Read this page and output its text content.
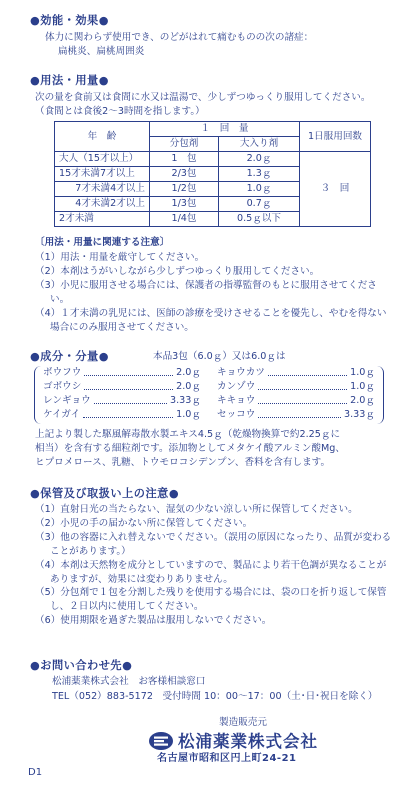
●効能・効果●
体力に関わらず使用でき、のどがはれて痛むものの次の諸症：
扁桃炎、扁桃周囲炎
●用法・用量●
次の量を食前又は食間に水又は温湯で、少しずつゆっくり服用してください。
（食間とは食後2〜3時間を指します。）
年　齢	１　回　量		1日服用回数
	分包剤	大入り剤	
大人（15才以上）	1　包	2.0ｇ	３　回
15才未満7才以上	2/3包	1.3ｇ	
7才未満4才以上	1/2包	1.0ｇ	
4才未満2才以上	1/3包	0.7ｇ	
2才未満	1/4包	0.5ｇ以下	
〔用法・用量に関連する注意〕
（1）用法・用量を厳守してください。
（2）本剤はうがいしながら少しずつゆっくり服用してください。
（3）小児に服用させる場合には、保護者の指導監督のもとに服用させてください。
（4）１才未満の乳児には、医師の診療を受けさせることを優先し、やむを得ない場合にのみ服用させてください。
●成分・分量●	本品3包（6.0ｇ）又は6.0ｇは
ボウフウ	2.0ｇ
ゴボウシ	2.0ｇ
レンギョウ	3.33ｇ
ケイガイ	1.0ｇ
キョウカツ	1.0ｇ
カンゾウ	1.0ｇ
キキョウ	2.0ｇ
セッコウ	3.33ｇ
上記より製した駆風解毒散水製エキス4.5ｇ（乾燥物換算で約2.25ｇに
相当）を含有する細粒剤です。添加物としてメタケイ酸アルミン酸Mg、
ヒプロメロース、乳糖、トウモロコシデンプン、香料を含有します。
●保管及び取扱い上の注意●
（1）直射日光の当たらない、湿気の少ない涼しい所に保管してください。
（2）小児の手の届かない所に保管してください。
（3）他の容器に入れ替えないでください。（誤用の原因になったり、品質が変わることがあります。）
（4）本剤は天然物を成分としていますので、製品により若干色調が異なることがありますが、効果には変わりありません。
（5）分包剤で１包を分割した残りを使用する場合には、袋の口を折り返して保管し、２日以内に使用してください。
（6）使用期限を過ぎた製品は服用しないでください。
●お問い合わせ先●
松浦薬業株式会社　お客様相談窓口
TEL（052）883-5172　受付時間 10：00〜17：00（土･日･祝日を除く）
製造販売元
松浦薬業株式会社
名古屋市昭和区円上町24-21
D1
